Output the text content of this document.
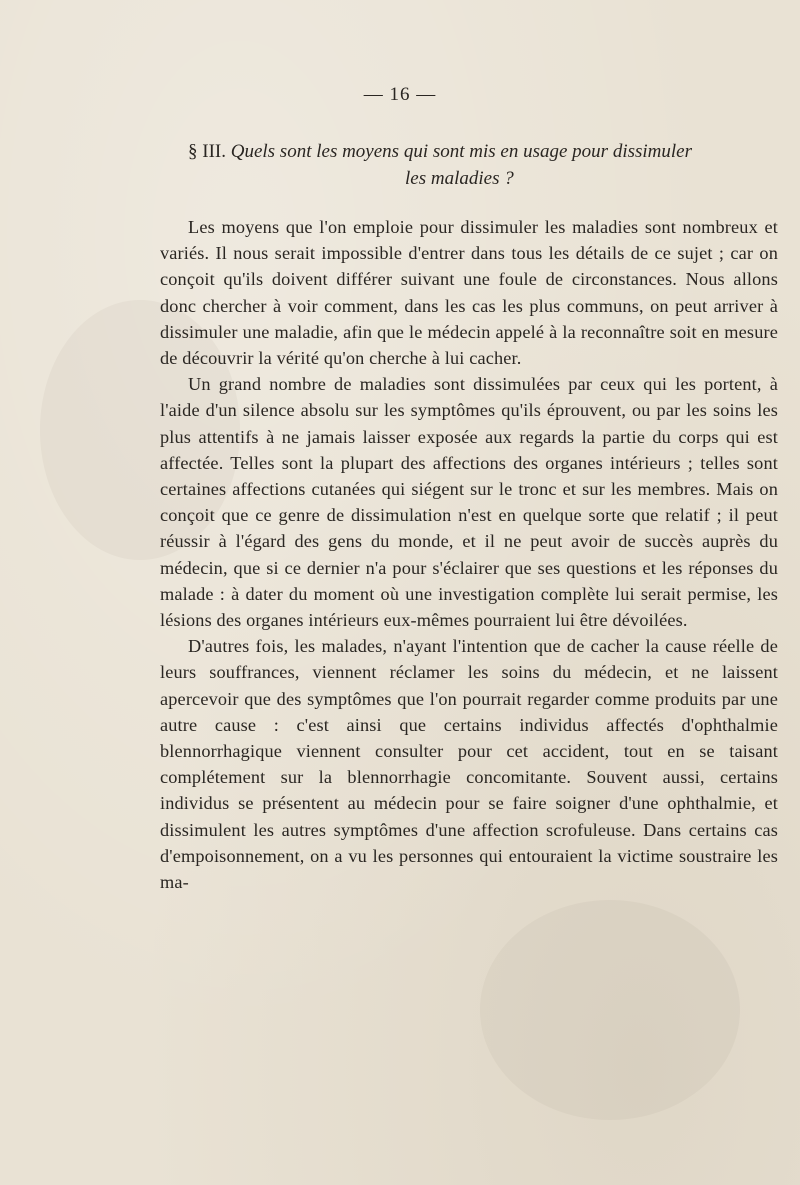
— 16 —
§ III. Quels sont les moyens qui sont mis en usage pour dissimuler
les maladies ?

Les moyens que l'on emploie pour dissimuler les maladies sont nombreux et variés. Il nous serait impossible d'entrer dans tous les détails de ce sujet ; car on conçoit qu'ils doivent différer suivant une foule de circonstances. Nous allons donc chercher à voir comment, dans les cas les plus communs, on peut arriver à dissimuler une maladie, afin que le médecin appelé à la reconnaître soit en mesure de découvrir la vérité qu'on cherche à lui cacher.

Un grand nombre de maladies sont dissimulées par ceux qui les portent, à l'aide d'un silence absolu sur les symptômes qu'ils éprouvent, ou par les soins les plus attentifs à ne jamais laisser exposée aux regards la partie du corps qui est affectée. Telles sont la plupart des affections des organes intérieurs ; telles sont certaines affections cutanées qui siégent sur le tronc et sur les membres. Mais on conçoit que ce genre de dissimulation n'est en quelque sorte que relatif ; il peut réussir à l'égard des gens du monde, et il ne peut avoir de succès auprès du médecin, que si ce dernier n'a pour s'éclairer que ses questions et les réponses du malade : à dater du moment où une investigation complète lui serait permise, les lésions des organes intérieurs eux-mêmes pourraient lui être dévoilées.

D'autres fois, les malades, n'ayant l'intention que de cacher la cause réelle de leurs souffrances, viennent réclamer les soins du médecin, et ne laissent apercevoir que des symptômes que l'on pourrait regarder comme produits par une autre cause : c'est ainsi que certains individus affectés d'ophthalmie blennorrhagique viennent consulter pour cet accident, tout en se taisant complétement sur la blennorrhagie concomitante. Souvent aussi, certains individus se présentent au médecin pour se faire soigner d'une ophthalmie, et dissimulent les autres symptômes d'une affection scrofuleuse. Dans certains cas d'empoisonnement, on a vu les personnes qui entouraient la victime soustraire les ma-
